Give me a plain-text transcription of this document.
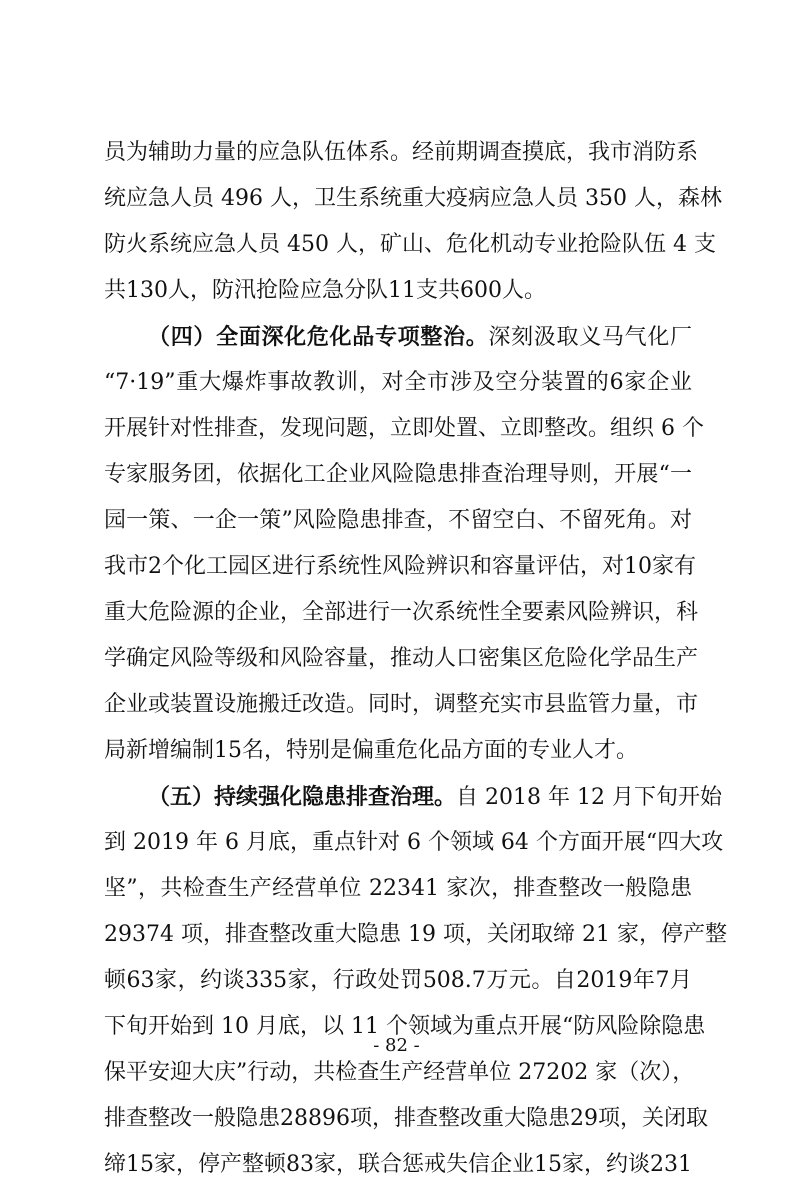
员为辅助力量的应急队伍体系。经前期调查摸底，我市消防系
统应急人员 496 人，卫生系统重大疫病应急人员 350 人，森林
防火系统应急人员 450 人，矿山、危化机动专业抢险队伍 4 支
共130人，防汛抢险应急分队11支共600人。
（四）全面深化危化品专项整治。深刻汲取义马气化厂
“7·19”重大爆炸事故教训，对全市涉及空分装置的6家企业
开展针对性排查，发现问题，立即处置、立即整改。组织 6 个
专家服务团，依据化工企业风险隐患排查治理导则，开展“一
园一策、一企一策”风险隐患排查，不留空白、不留死角。对
我市2个化工园区进行系统性风险辨识和容量评估，对10家有
重大危险源的企业，全部进行一次系统性全要素风险辨识，科
学确定风险等级和风险容量，推动人口密集区危险化学品生产
企业或装置设施搬迁改造。同时，调整充实市县监管力量，市
局新增编制15名，特别是偏重危化品方面的专业人才。
（五）持续强化隐患排查治理。自 2018 年 12 月下旬开始
到 2019 年 6 月底，重点针对 6 个领域 64 个方面开展“四大攻
坚”，共检查生产经营单位 22341 家次，排查整改一般隐患
29374 项，排查整改重大隐患 19 项，关闭取缔 21 家，停产整
顿63家，约谈335家，行政处罚508.7万元。自2019年7月
下旬开始到 10 月底，以 11 个领域为重点开展“防风险除隐患
保平安迎大庆”行动，共检查生产经营单位 27202 家（次），
排查整改一般隐患28896项，排查整改重大隐患29项，关闭取
缔15家，停产整顿83家，联合惩戒失信企业15家，约谈231
- 82 -
